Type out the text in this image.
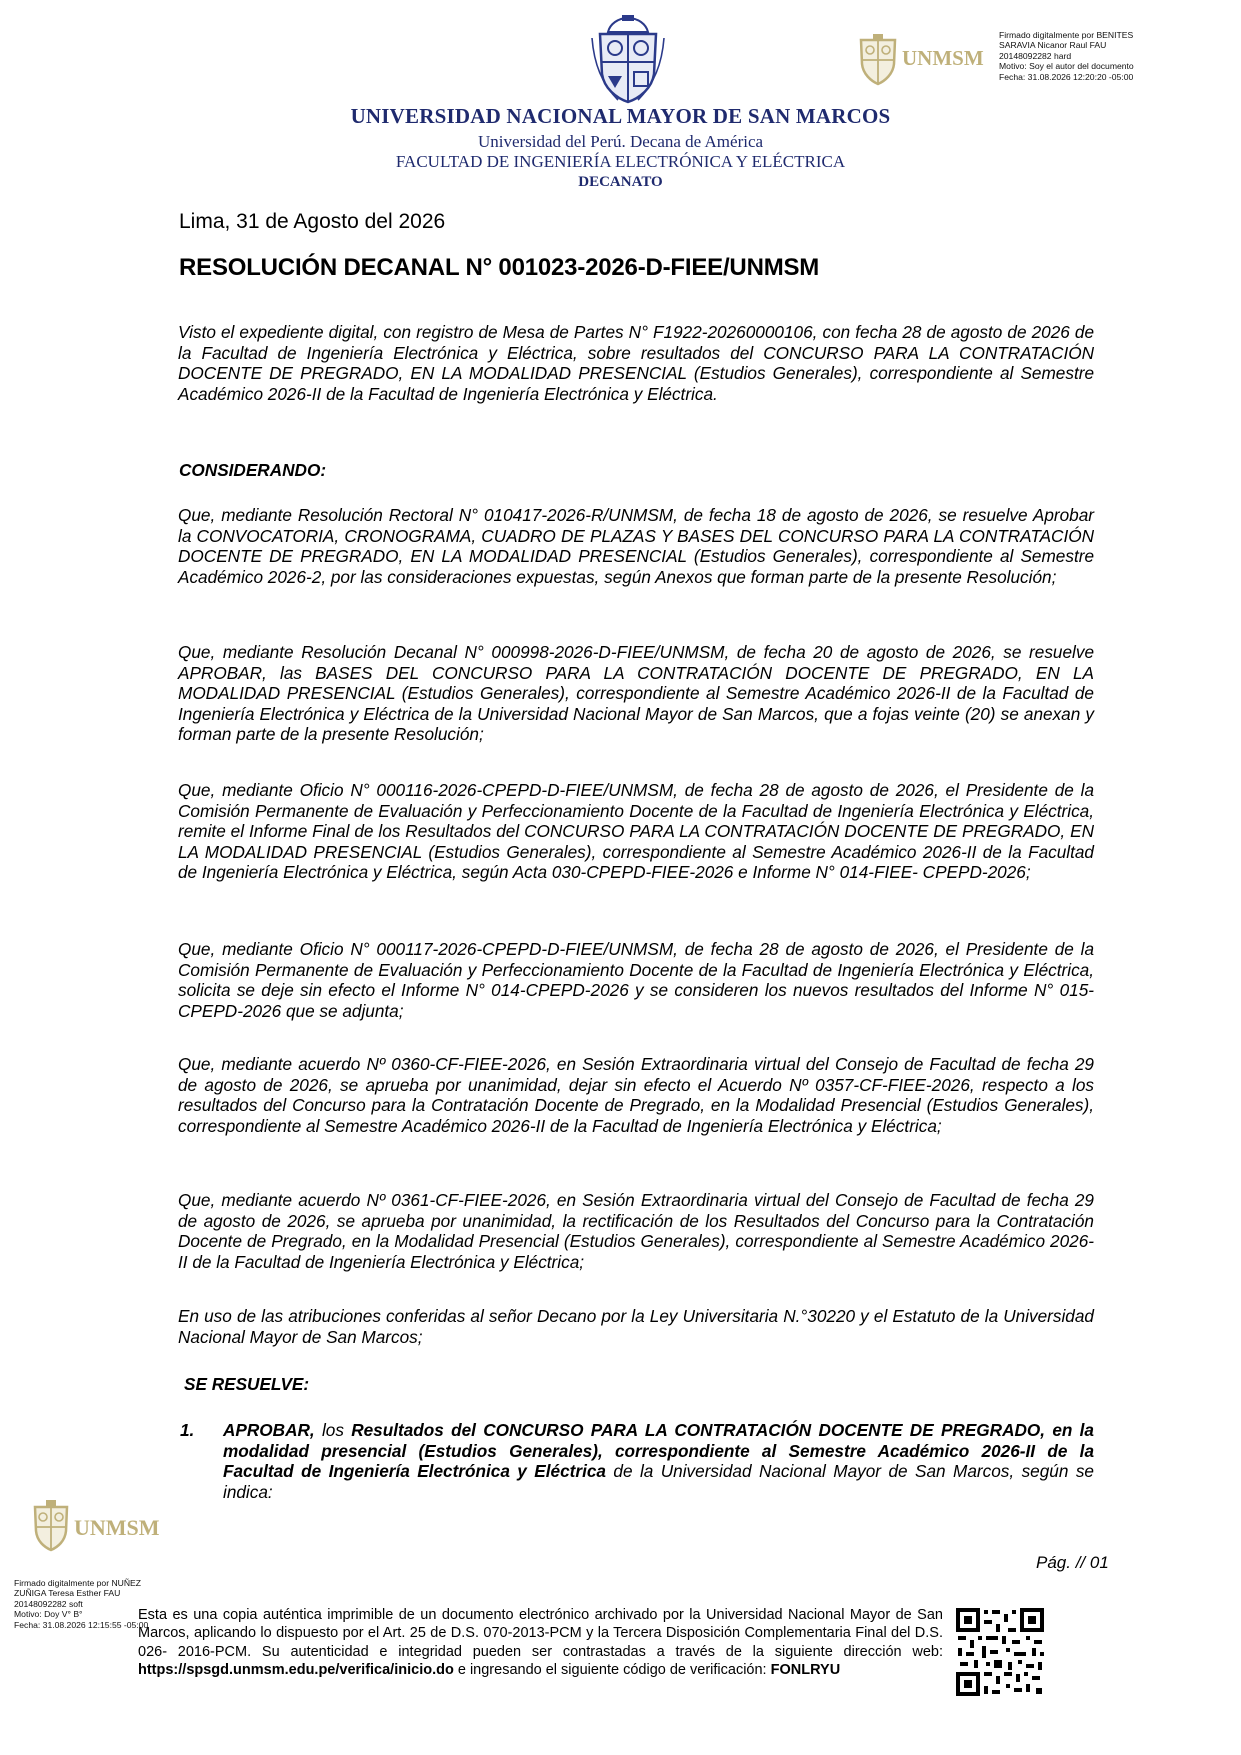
UNIVERSIDAD NACIONAL MAYOR DE SAN MARCOS
Universidad del Perú. Decana de América
FACULTAD DE INGENIERÍA ELECTRÓNICA Y ELÉCTRICA
DECANATO
UNMSM
Firmado digitalmente por BENITES
SARAVIA Nicanor Raul FAU
20148092282 hard
Motivo: Soy el autor del documento
Fecha: 31.08.2026 12:20:20 -05:00
Lima, 31 de Agosto del 2026
RESOLUCIÓN DECANAL N° 001023-2026-D-FIEE/UNMSM
Visto el expediente digital, con registro de Mesa de Partes N° F1922-20260000106, con fecha 28 de agosto de 2026 de la Facultad de Ingeniería Electrónica y Eléctrica, sobre resultados del CONCURSO PARA LA CONTRATACIÓN DOCENTE DE PREGRADO, EN LA MODALIDAD PRESENCIAL (Estudios Generales), correspondiente al Semestre Académico 2026-II de la Facultad de Ingeniería Electrónica y Eléctrica.
CONSIDERANDO:
Que, mediante Resolución Rectoral N° 010417-2026-R/UNMSM, de fecha 18 de agosto de 2026, se resuelve Aprobar la CONVOCATORIA, CRONOGRAMA, CUADRO DE PLAZAS Y BASES DEL CONCURSO PARA LA CONTRATACIÓN DOCENTE DE PREGRADO, EN LA MODALIDAD PRESENCIAL (Estudios Generales), correspondiente al Semestre Académico 2026-2, por las consideraciones expuestas, según Anexos que forman parte de la presente Resolución;
Que, mediante Resolución Decanal N° 000998-2026-D-FIEE/UNMSM, de fecha 20 de agosto de 2026, se resuelve APROBAR, las BASES DEL CONCURSO PARA LA CONTRATACIÓN DOCENTE DE PREGRADO, EN LA MODALIDAD PRESENCIAL (Estudios Generales), correspondiente al Semestre Académico 2026-II de la Facultad de Ingeniería Electrónica y Eléctrica de la Universidad Nacional Mayor de San Marcos, que a fojas veinte (20) se anexan y forman parte de la presente Resolución;
Que, mediante Oficio N° 000116-2026-CPEPD-D-FIEE/UNMSM, de fecha 28 de agosto de 2026, el Presidente de la Comisión Permanente de Evaluación y Perfeccionamiento Docente de la Facultad de Ingeniería Electrónica y Eléctrica, remite el Informe Final de los Resultados del CONCURSO PARA LA CONTRATACIÓN DOCENTE DE PREGRADO, EN LA MODALIDAD PRESENCIAL (Estudios Generales), correspondiente al Semestre Académico 2026-II de la Facultad de Ingeniería Electrónica y Eléctrica, según Acta 030-CPEPD-FIEE-2026 e Informe N° 014-FIEE- CPEPD-2026;
Que, mediante Oficio N° 000117-2026-CPEPD-D-FIEE/UNMSM, de fecha 28 de agosto de 2026, el Presidente de la Comisión Permanente de Evaluación y Perfeccionamiento Docente de la Facultad de Ingeniería Electrónica y Eléctrica, solicita se deje sin efecto el Informe N° 014-CPEPD-2026 y se consideren los nuevos resultados del Informe N° 015-CPEPD-2026 que se adjunta;
Que, mediante acuerdo Nº 0360-CF-FIEE-2026, en Sesión Extraordinaria virtual del Consejo de Facultad de fecha 29 de agosto de 2026, se aprueba por unanimidad, dejar sin efecto el Acuerdo Nº 0357-CF-FIEE-2026, respecto a los resultados del Concurso para la Contratación Docente de Pregrado, en la Modalidad Presencial (Estudios Generales), correspondiente al Semestre Académico 2026-II de la Facultad de Ingeniería Electrónica y Eléctrica;
Que, mediante acuerdo Nº 0361-CF-FIEE-2026, en Sesión Extraordinaria virtual del Consejo de Facultad de fecha 29 de agosto de 2026, se aprueba por unanimidad, la rectificación de los Resultados del Concurso para la Contratación Docente de Pregrado, en la Modalidad Presencial (Estudios Generales), correspondiente al Semestre Académico 2026-II de la Facultad de Ingeniería Electrónica y Eléctrica;
En uso de las atribuciones conferidas al señor Decano por la Ley Universitaria N.°30220 y el Estatuto de la Universidad Nacional Mayor de San Marcos;
SE RESUELVE:
1. APROBAR, los Resultados del CONCURSO PARA LA CONTRATACIÓN DOCENTE DE PREGRADO, en la modalidad presencial (Estudios Generales), correspondiente al Semestre Académico 2026-II de la Facultad de Ingeniería Electrónica y Eléctrica de la Universidad Nacional Mayor de San Marcos, según se indica:
UNMSM
Firmado digitalmente por NUÑEZ
ZUÑIGA Teresa Esther FAU
20148092282 soft
Motivo: Doy V° B°
Fecha: 31.08.2026 12:15:55 -05:00
Pág. // 01
Esta es una copia auténtica imprimible de un documento electrónico archivado por la Universidad Nacional Mayor de San Marcos, aplicando lo dispuesto por el Art. 25 de D.S. 070-2013-PCM y la Tercera Disposición Complementaria Final del D.S. 026- 2016-PCM. Su autenticidad e integridad pueden ser contrastadas a través de la siguiente dirección web: https://spsgd.unmsm.edu.pe/verifica/inicio.do e ingresando el siguiente código de verificación: FONLRYU
